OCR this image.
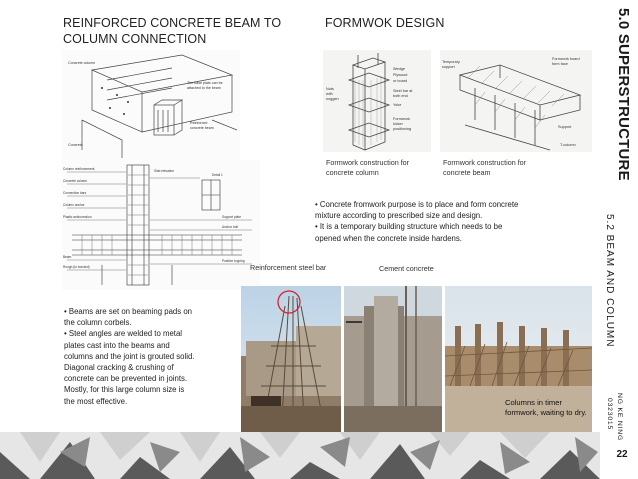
REINFORCED CONCRETE BEAM TO COLUMN CONNECTION
FORMWOK DESIGN
The base plate can be
attached to the beam
Concrete column
Reinforced
concrete beam
Concrete
Column reinforcement
Concrete column
Connection bars
Column anchor
Plastic anticorrosion
Beam
Rough (to bonded)
Slab elevation
Detail 1
Support plate
Anchor bolt
Positive topping
Wedge
Plywood
or board
Steel bar at
both end
Yoke
Formwork
kicker
positioning
Nuts
with
noggen
Temporary
support
Formwork board
form face
Support
T-column
Formwork construction for concrete column
Formwork construction for concrete beam
• Concrete fromwork purpose is to place and form concrete
mixture according to prescribed size and design.
• It is a temporary building structure which needs to be
opened when the concrete inside hardens.
Reinforcement steel bar	Cement concrete
Columns in timer formwork, waiting to dry.
• Beams are set on beaming pads on
the column corbels.
• Steel angles are welded to metal
plates cast into the beams and
columns and the joint is grouted solid.
Diagonal cracking & crushing of
concrete can be prevented in joints.
Mostly, for this large column size is
the most effective.
5.0 SUPERSTRUCTURE
5.2 BEAM AND COLUMN
NG KE NING
0323015
22
